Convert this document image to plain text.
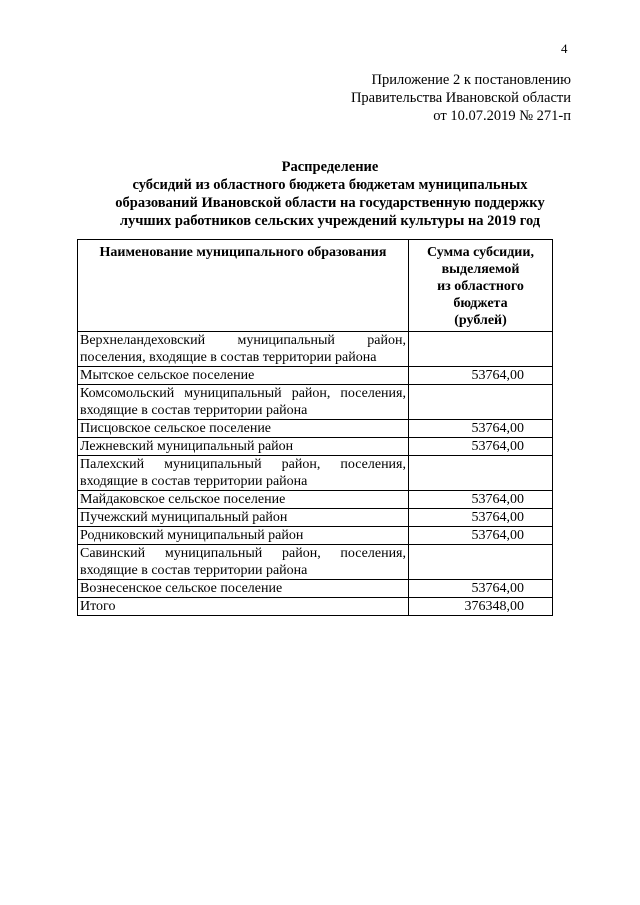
4
Приложение 2 к постановлению
Правительства Ивановской области
от 10.07.2019 № 271-п
Распределение
субсидий из областного бюджета бюджетам муниципальных
образований Ивановской области на государственную поддержку
лучших работников сельских учреждений культуры на 2019 год
Наименование муниципального образования	Сумма субсидии,
выделяемой
из областного
бюджета
(рублей)

Верхнеландеховский муниципальный район, поселения, входящие в состав территории района	
Мытское сельское поселение	53764,00
Комсомольский муниципальный район, поселения, входящие в состав территории района	
Писцовское сельское поселение	53764,00
Лежневский муниципальный район	53764,00
Палехский муниципальный район, поселения, входящие в состав территории района	
Майдаковское сельское поселение	53764,00
Пучежский муниципальный район	53764,00
Родниковский муниципальный район	53764,00
Савинский муниципальный район, поселения, входящие в состав территории района	
Вознесенское сельское поселение	53764,00
Итого	376348,00
